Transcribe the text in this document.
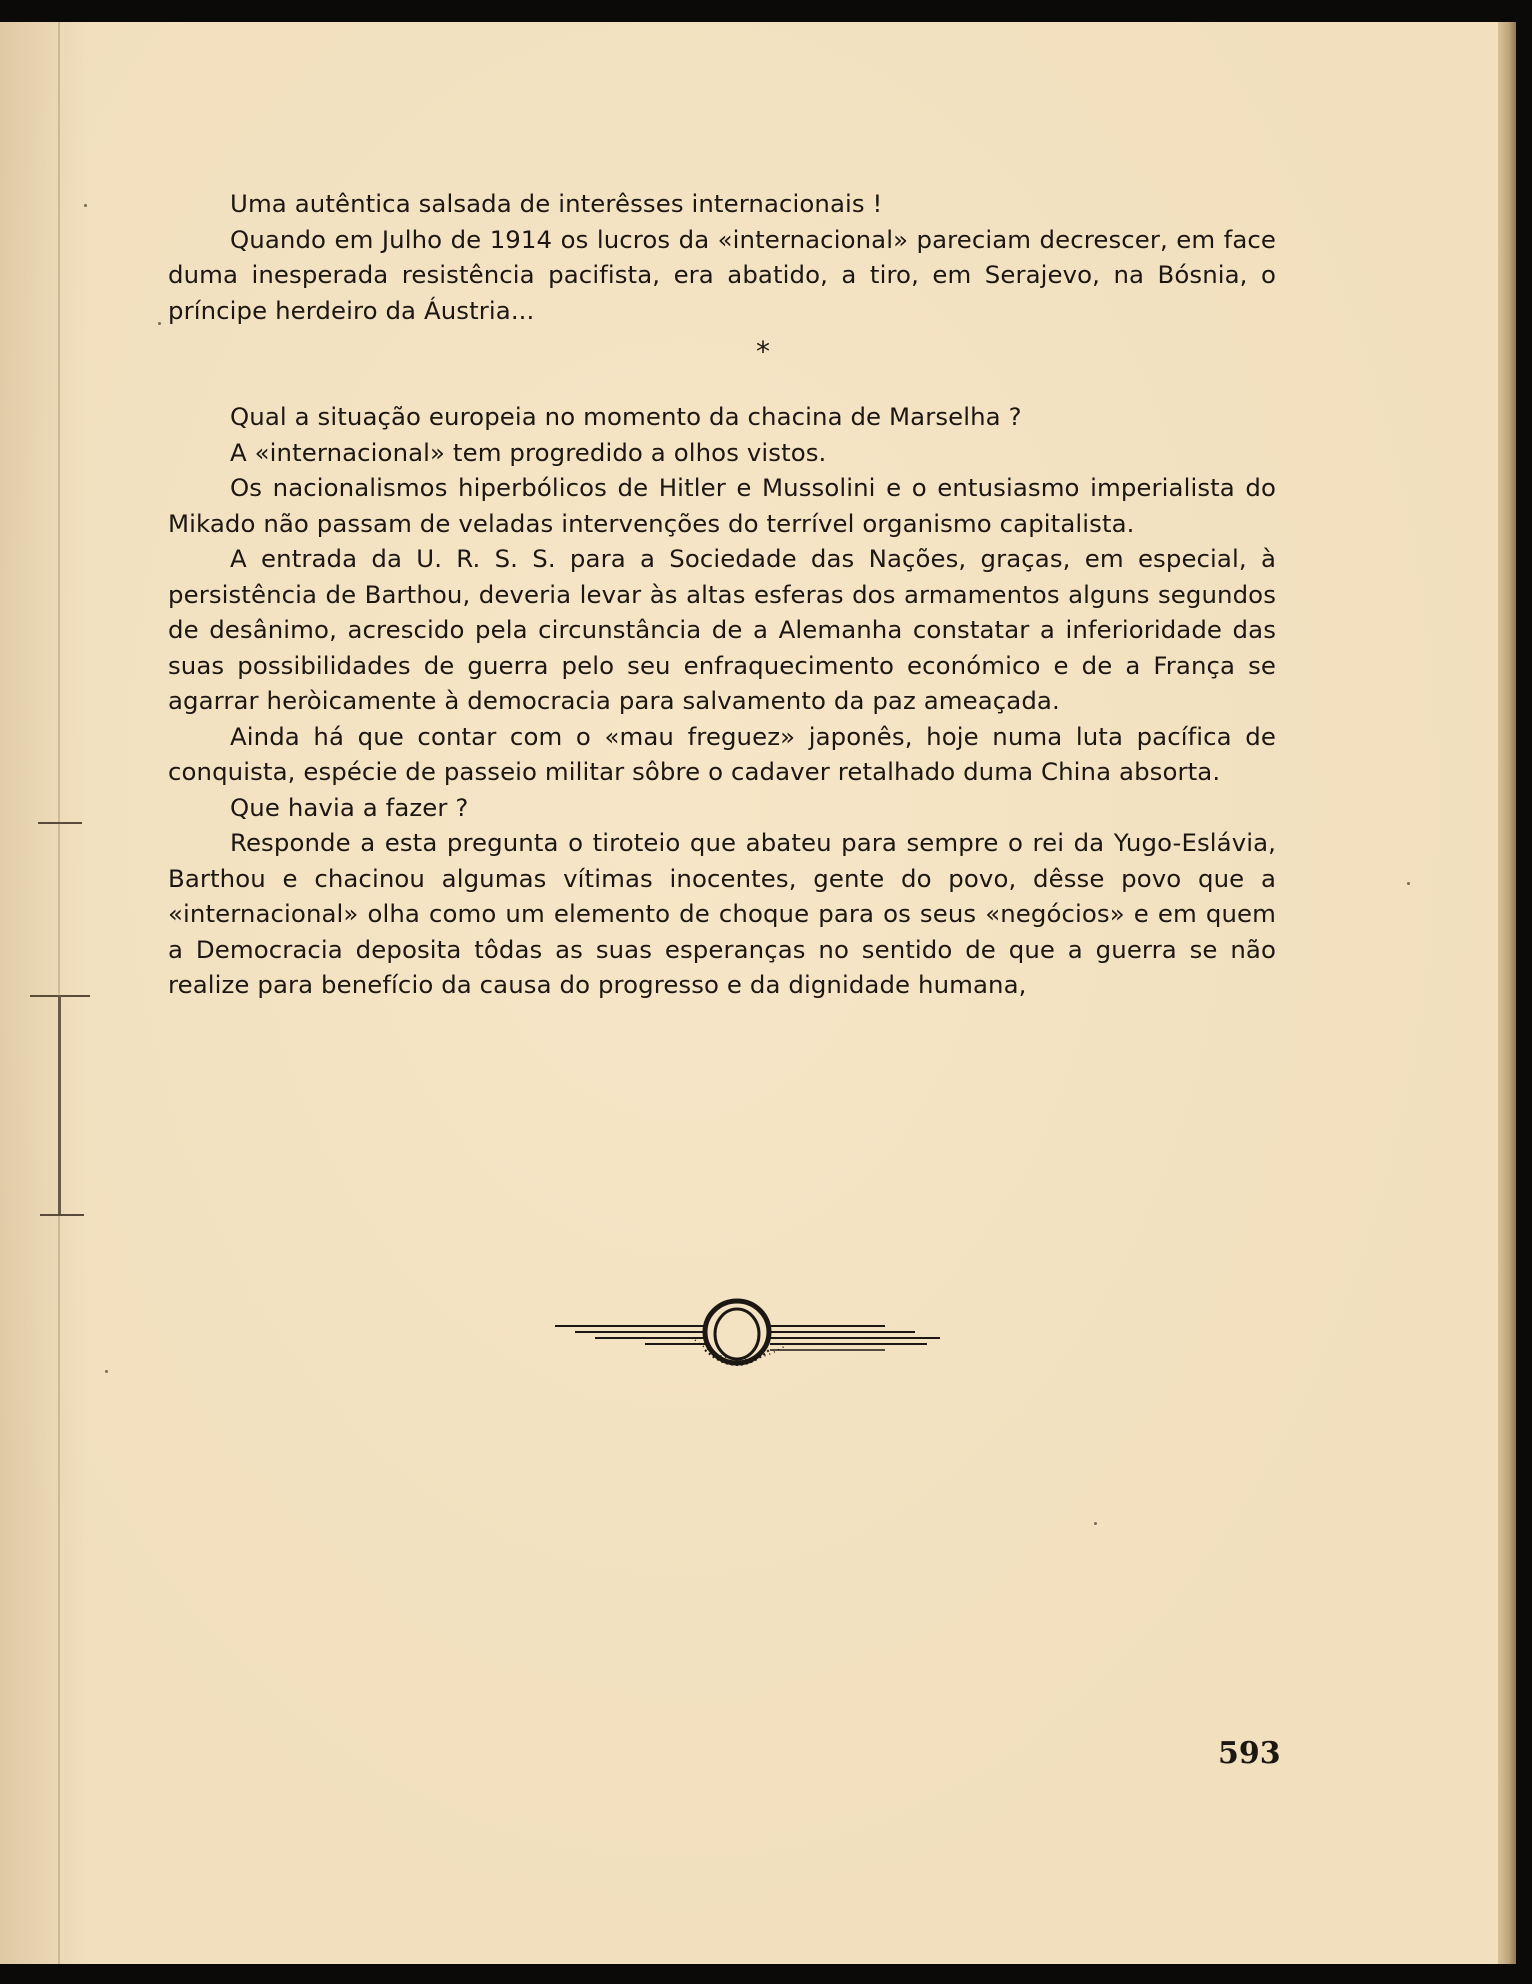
Uma autêntica salsada de interêsses internacionais !

Quando em Julho de 1914 os lucros da «internacional» pareciam decrescer, em face duma inesperada resistência pacifista, era abatido, a tiro, em Serajevo, na Bósnia, o príncipe herdeiro da Áustria...

*

Qual a situação europeia no momento da chacina de Marselha ?

A «internacional» tem progredido a olhos vistos.

Os nacionalismos hiperbólicos de Hitler e Mussolini e o entusiasmo imperialista do Mikado não passam de veladas intervenções do terrível organismo capitalista.

A entrada da U. R. S. S. para a Sociedade das Nações, graças, em especial, à persistência de Barthou, deveria levar às altas esferas dos armamentos alguns segundos de desânimo, acrescido pela circunstância de a Alemanha constatar a inferioridade das suas possibilidades de guerra pelo seu enfraquecimento económico e de a França se agarrar heròicamente à democracia para salvamento da paz ameaçada.

Ainda há que contar com o «mau freguez» japonês, hoje numa luta pacífica de conquista, espécie de passeio militar sôbre o cadaver retalhado duma China absorta.

Que havia a fazer ?

Responde a esta pregunta o tiroteio que abateu para sempre o rei da Yugo-Eslávia, Barthou e chacinou algumas vítimas inocentes, gente do povo, dêsse povo que a «internacional» olha como um elemento de choque para os seus «negócios» e em quem a Democracia deposita tôdas as suas esperanças no sentido de que a guerra se não realize para benefício da causa do progresso e da dignidade humana,

593
